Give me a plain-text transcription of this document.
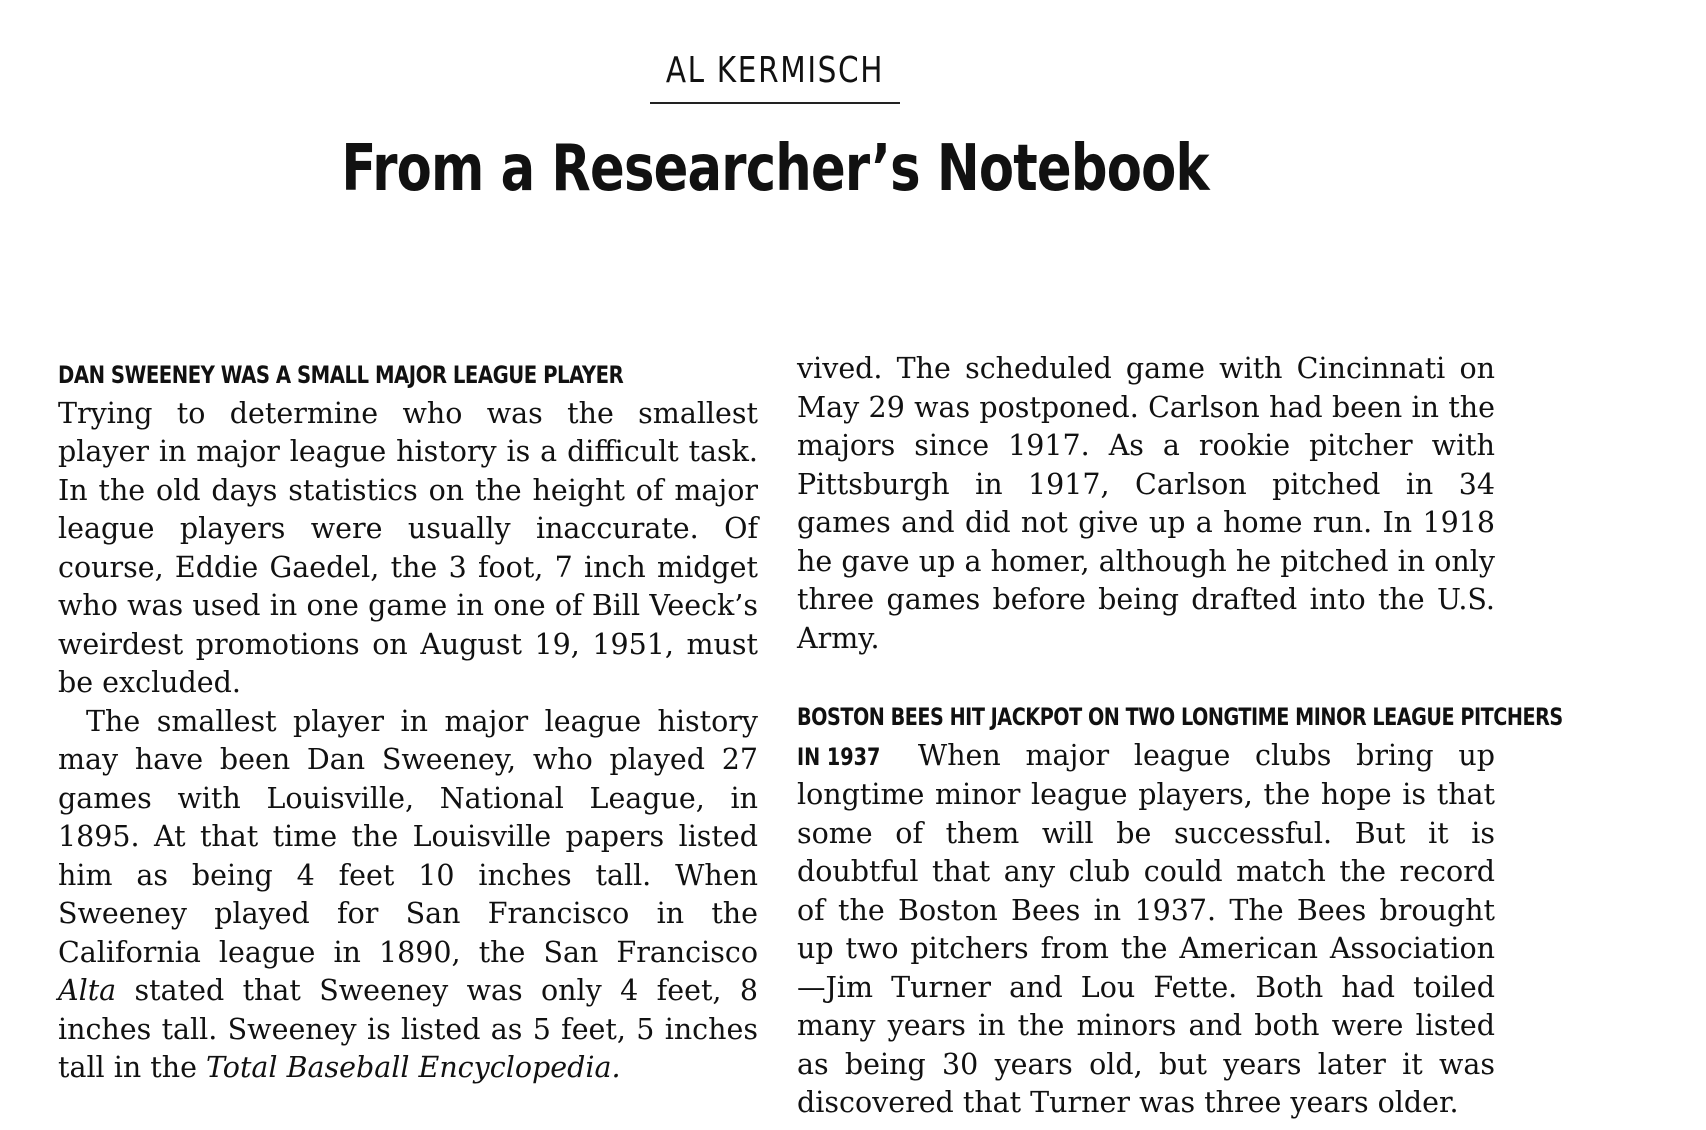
AL KERMISCH
From a Researcher’s Notebook

DAN SWEENEY WAS A SMALL MAJOR LEAGUE PLAYER Trying to determine who was the smallest player in major league history is a difficult task. In the old days statistics on the height of major league players were usually inaccurate. Of course, Eddie Gaedel, the 3 foot, 7 inch midget who was used in one game in one of Bill Veeck’s weirdest promotions on August 19, 1951, must be excluded.

The smallest player in major league history may have been Dan Sweeney, who played 27 games with Louisville, National League, in 1895. At that time the Louisville papers listed him as being 4 feet 10 inches tall. When Sweeney played for San Francisco in the California league in 1890, the San Francisco Alta stated that Sweeney was only 4 feet, 8 inches tall. Sweeney is listed as 5 feet, 5 inches tall in the Total Baseball Encyclopedia.

vived. The scheduled game with Cincinnati on May 29 was postponed. Carlson had been in the majors since 1917. As a rookie pitcher with Pittsburgh in 1917, Carlson pitched in 34 games and did not give up a home run. In 1918 he gave up a homer, although he pitched in only three games before being drafted into the U.S. Army.

BOSTON BEES HIT JACKPOT ON TWO LONGTIME MINOR LEAGUE PITCHERS
IN 1937 When major league clubs bring up longtime minor league players, the hope is that some of them will be successful. But it is doubtful that any club could match the record of the Boston Bees in 1937. The Bees brought up two pitchers from the American Association—Jim Turner and Lou Fette. Both had toiled many years in the minors and both were listed as being 30 years old, but years later it was discovered that Turner was three years older.
